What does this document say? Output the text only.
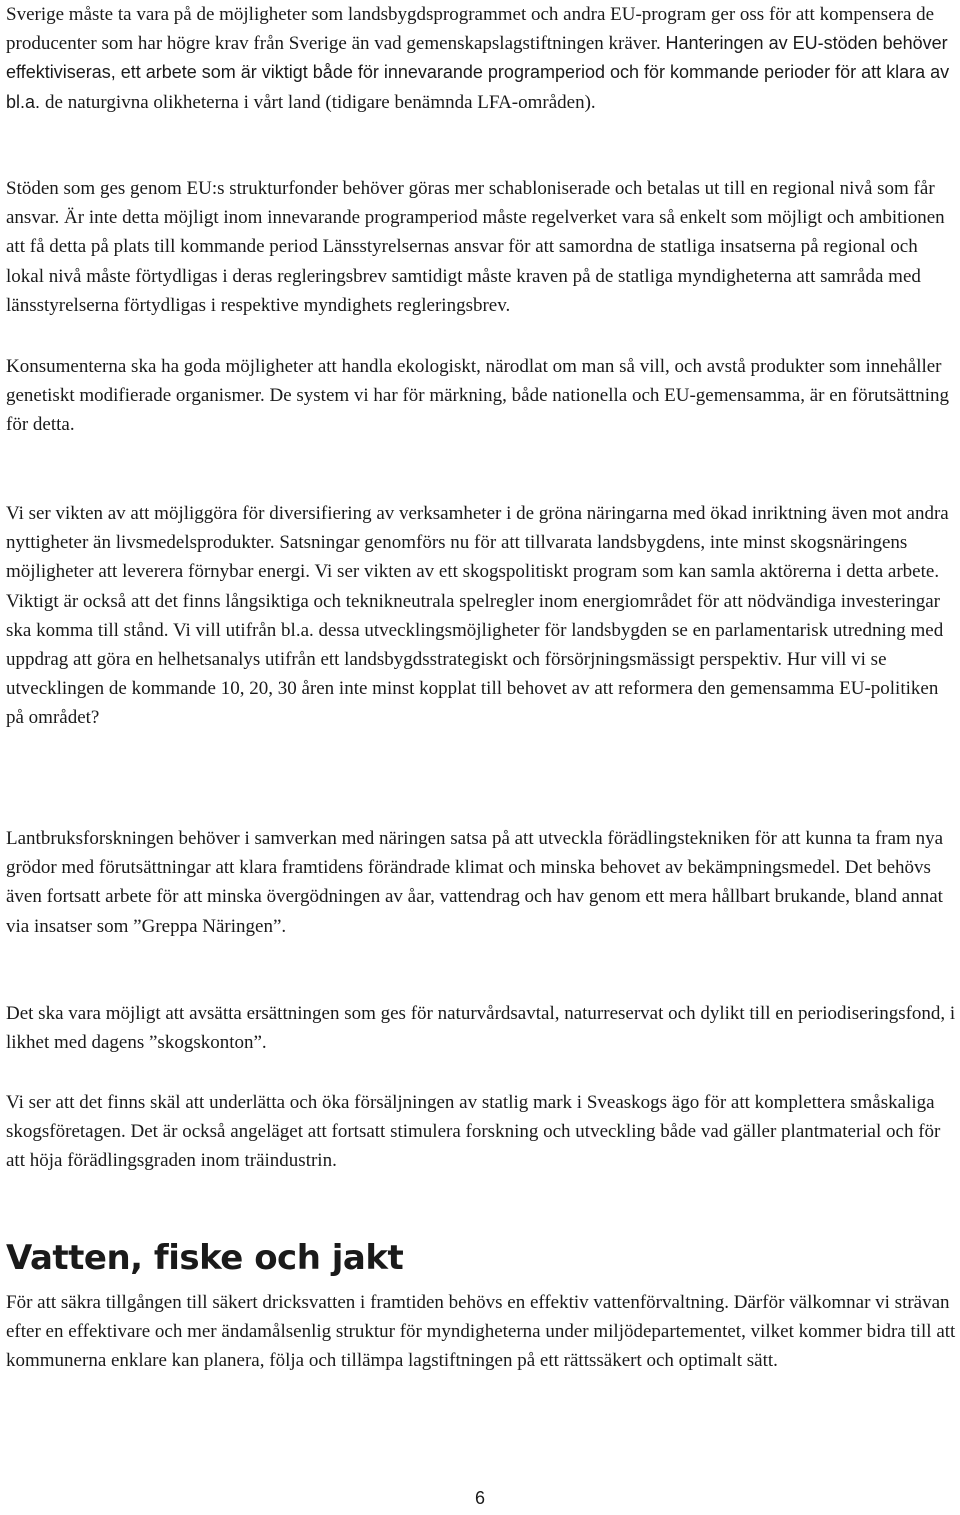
Sverige måste ta vara på de möjligheter som landsbygdsprogrammet och andra EU-program ger oss för att kompensera de producenter som har högre krav från Sverige än vad gemenskapslagstiftningen kräver. Hanteringen av EU-stöden behöver effektiviseras, ett arbete som är viktigt både för innevarande programperiod och för kommande perioder för att klara av bl.a. de naturgivna olikheterna i vårt land (tidigare benämnda LFA-områden).

Stöden som ges genom EU:s strukturfonder behöver göras mer schabloniserade och betalas ut till en regional nivå som får ansvar. Är inte detta möjligt inom innevarande programperiod måste regelverket vara så enkelt som möjligt och ambitionen att få detta på plats till kommande period Länsstyrelsernas ansvar för att samordna de statliga insatserna på regional och lokal nivå måste förtydligas i deras regleringsbrev samtidigt måste kraven på de statliga myndigheterna att samråda med länsstyrelserna förtydligas i respektive myndighets regleringsbrev.

Konsumenterna ska ha goda möjligheter att handla ekologiskt, närodlat om man så vill, och avstå produkter som innehåller genetiskt modifierade organismer. De system vi har för märkning, både nationella och EU-gemensamma, är en förutsättning för detta.

Vi ser vikten av att möjliggöra för diversifiering av verksamheter i de gröna näringarna med ökad inriktning även mot andra nyttigheter än livsmedelsprodukter. Satsningar genomförs nu för att tillvarata landsbygdens, inte minst skogsnäringens möjligheter att leverera förnybar energi. Vi ser vikten av ett skogspolitiskt program som kan samla aktörerna i detta arbete. Viktigt är också att det finns långsiktiga och teknikneutrala spelregler inom energiområdet för att nödvändiga investeringar ska komma till stånd. Vi vill utifrån bl.a. dessa utvecklingsmöjligheter för landsbygden se en parlamentarisk utredning med uppdrag att göra en helhetsanalys utifrån ett landsbygdsstrategiskt och försörjningsmässigt perspektiv. Hur vill vi se utvecklingen de kommande 10, 20, 30 åren inte minst kopplat till behovet av att reformera den gemensamma EU-politiken på området?

Lantbruksforskningen behöver i samverkan med näringen satsa på att utveckla förädlingstekniken för att kunna ta fram nya grödor med förutsättningar att klara framtidens förändrade klimat och minska behovet av bekämpningsmedel. Det behövs även fortsatt arbete för att minska övergödningen av åar, vattendrag och hav genom ett mera hållbart brukande, bland annat via insatser som ”Greppa Näringen”.

Det ska vara möjligt att avsätta ersättningen som ges för naturvårdsavtal, naturreservat och dylikt till en periodiseringsfond, i likhet med dagens ”skogskonton”.

Vi ser att det finns skäl att underlätta och öka försäljningen av statlig mark i Sveaskogs ägo för att komplettera småskaliga skogsföretagen. Det är också angeläget att fortsatt stimulera forskning och utveckling både vad gäller plantmaterial och för att höja förädlingsgraden inom träindustrin.

Vatten, fiske och jakt

För att säkra tillgången till säkert dricksvatten i framtiden behövs en effektiv vattenförvaltning. Därför välkomnar vi strävan efter en effektivare och mer ändamålsenlig struktur för myndigheterna under miljödepartementet, vilket kommer bidra till att kommunerna enklare kan planera, följa och tillämpa lagstiftningen på ett rättssäkert och optimalt sätt.

6
